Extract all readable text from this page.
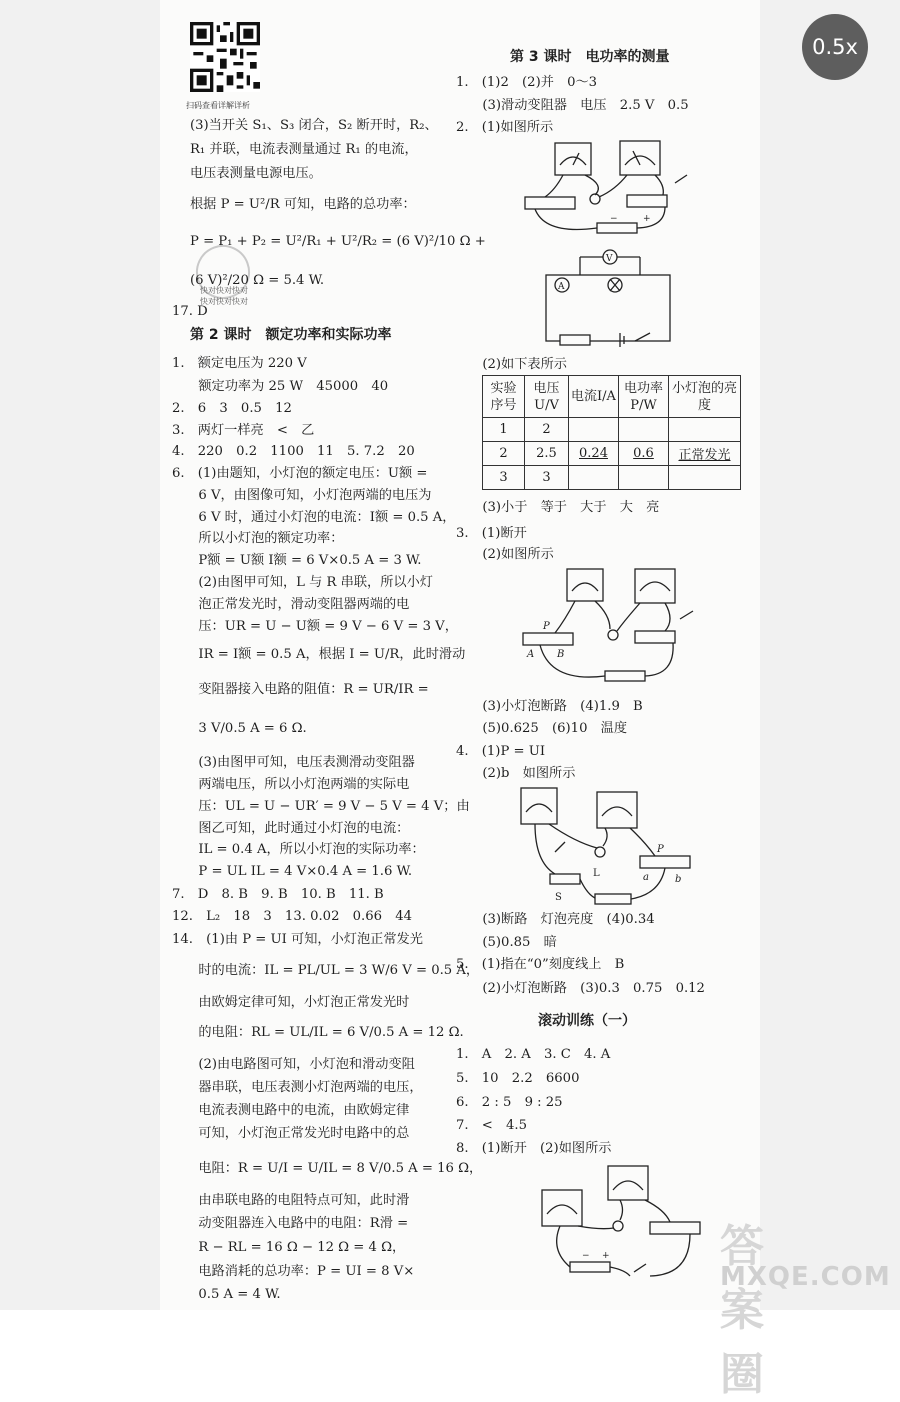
0.5x
扫码查看详解详析
快对快对快对
快对快对快对
(3)当开关 S₁、S₃ 闭合，S₂ 断开时，R₂、
R₁ 并联，电流表测量通过 R₁ 的电流，
电压表测量电源电压。
根据 P = U²/R 可知，电路的总功率：
P = P₁ + P₂ = U²/R₁ + U²/R₂ = (6 V)²/10 Ω +
(6 V)²/20 Ω = 5.4 W.
17. D
第 2 课时　额定功率和实际功率
1.　额定电压为 220 V
　　额定功率为 25 W　45000　40
2.　6　3　0.5　12
3.　两灯一样亮　<　乙
4.　220　0.2　1100　11　5. 7.2　20
6.　(1)由题知，小灯泡的额定电压：U额 =
　　6 V，由图像可知，小灯泡两端的电压为
　　6 V 时，通过小灯泡的电流：I额 = 0.5 A，
　　所以小灯泡的额定功率：
　　P额 = U额 I额 = 6 V×0.5 A = 3 W.
　　(2)由图甲可知，L 与 R 串联，所以小灯
　　泡正常发光时，滑动变阻器两端的电
　　压：UR = U − U额 = 9 V − 6 V = 3 V，
　　IR = I额 = 0.5 A，根据 I = U/R，此时滑动
　　变阻器接入电路的阻值：R = UR/IR =
　　3 V/0.5 A = 6 Ω.
　　(3)由图甲可知，电压表测滑动变阻器
　　两端电压，所以小灯泡两端的实际电
　　压：UL = U − UR′ = 9 V − 5 V = 4 V；由
　　图乙可知，此时通过小灯泡的电流：
　　IL = 0.4 A，所以小灯泡的实际功率：
　　P = UL IL = 4 V×0.4 A = 1.6 W.
7.　D　8. B　9. B　10. B　11. B
12.　L₂　18　3　13. 0.02　0.66　44
14.　(1)由 P = UI 可知，小灯泡正常发光
　　时的电流：IL = PL/UL = 3 W/6 V = 0.5 A，
　　由欧姆定律可知，小灯泡正常发光时
　　的电阻：RL = UL/IL = 6 V/0.5 A = 12 Ω.
　　(2)由电路图可知，小灯泡和滑动变阻
　　器串联，电压表测小灯泡两端的电压，
　　电流表测电路中的电流，由欧姆定律
　　可知，小灯泡正常发光时电路中的总
　　电阻：R = U/I = U/IL = 8 V/0.5 A = 16 Ω，
　　由串联电路的电阻特点可知，此时滑
　　动变阻器连入电路中的电阻：R滑 =
　　R − RL = 16 Ω − 12 Ω = 4 Ω，
　　电路消耗的总功率：P = UI = 8 V×
　　0.5 A = 4 W.
第 3 课时　电功率的测量
1.　(1)2　(2)并　0～3
　　(3)滑动变阻器　电压　2.5 V　0.5
2.　(1)如图所示
　　(2)如下表所示
　　(3)小于　等于　大于　大　亮
3.　(1)断开
　　(2)如图所示
　　(3)小灯泡断路　(4)1.9　B
　　(5)0.625　(6)10　温度
4.　(1)P = UI
　　(2)b　如图所示
　　(3)断路　灯泡亮度　(4)0.34
　　(5)0.85　暗
5.　(1)指在“0”刻度线上　B
　　(2)小灯泡断路　(3)0.3　0.75　0.12
滚动训练（一）
1.　A　2. A　3. C　4. A
5.　10　2.2　6600
6.　2 : 5　9 : 25
7.　<　4.5
8.　(1)断开　(2)如图所示
−	+
V
A
实验序号	电压U/V	电流I/A	电功率P/W	小灯泡的亮度
1	2			
2	2.5	0.24	0.6	正常发光
3	3			
P
A B
L
S
P
a	b
− +	答案圈
MXQE.COM
